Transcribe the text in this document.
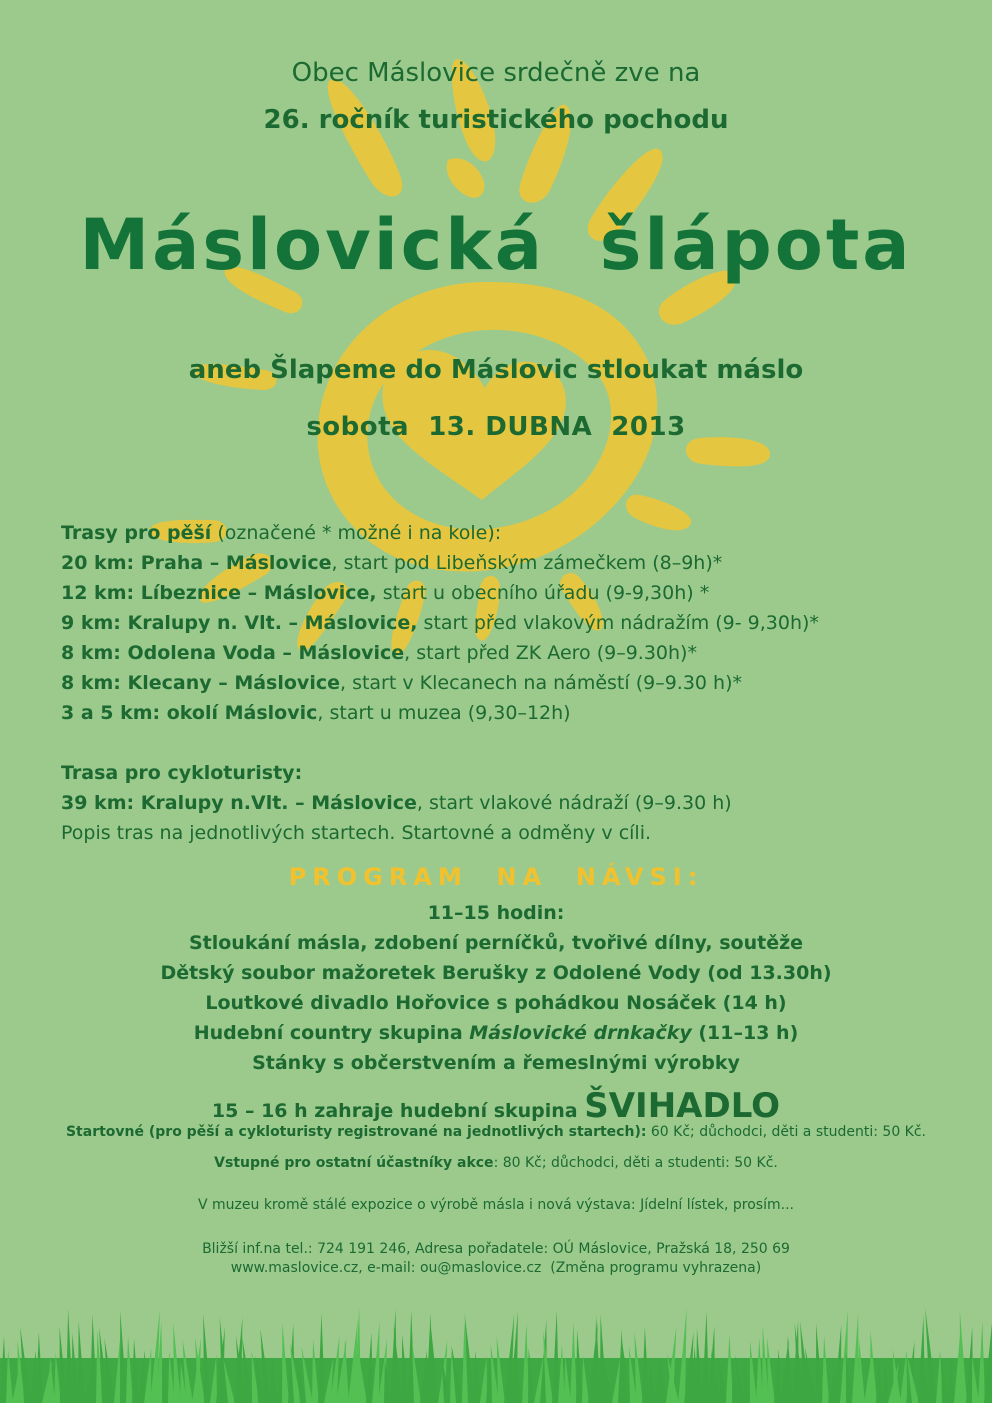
Obec Máslovice srdečně zve na
26. ročník turistického pochodu
Máslovická  šlápota
aneb Šlapeme do Máslovic stloukat máslo
sobota  13. DUBNA  2013
Trasy pro pěší (označené * možné i na kole):
20 km: Praha – Máslovice, start pod Libeňským zámečkem (8–9h)*
12 km: Líbeznice – Máslovice, start u obecního úřadu (9-9,30h) *
9 km: Kralupy n. Vlt. – Máslovice, start před vlakovým nádražím (9- 9,30h)*
8 km: Odolena Voda – Máslovice, start před ZK Aero (9–9.30h)*
8 km: Klecany – Máslovice, start v Klecanech na náměstí (9–9.30 h)*
3 a 5 km: okolí Máslovic, start u muzea (9,30–12h)
Trasa pro cykloturisty:
39 km: Kralupy n.Vlt. – Máslovice, start vlakové nádraží (9–9.30 h)
Popis tras na jednotlivých startech. Startovné a odměny v cíli.
PROGRAM  NA  NÁVSI:
11–15 hodin:
Stloukání másla, zdobení perníčků, tvořivé dílny, soutěže
Dětský soubor mažoretek Berušky z Odolené Vody (od 13.30h)
Loutkové divadlo Hořovice s pohádkou Nosáček (14 h)
Hudební country skupina Máslovické drnkačky (11–13 h)
Stánky s občerstvením a řemeslnými výrobky
15 – 16 h zahraje hudební skupina ŠVIHADLO
Startovné (pro pěší a cykloturisty registrované na jednotlivých startech): 60 Kč; důchodci, děti a studenti: 50 Kč.
Vstupné pro ostatní účastníky akce: 80 Kč; důchodci, děti a studenti: 50 Kč.
V muzeu kromě stálé expozice o výrobě másla i nová výstava: Jídelní lístek, prosím...
Bližší inf.na tel.: 724 191 246, Adresa pořadatele: OÚ Máslovice, Pražská 18, 250 69
www.maslovice.cz, e-mail: ou@maslovice.cz  (Změna programu vyhrazena)
